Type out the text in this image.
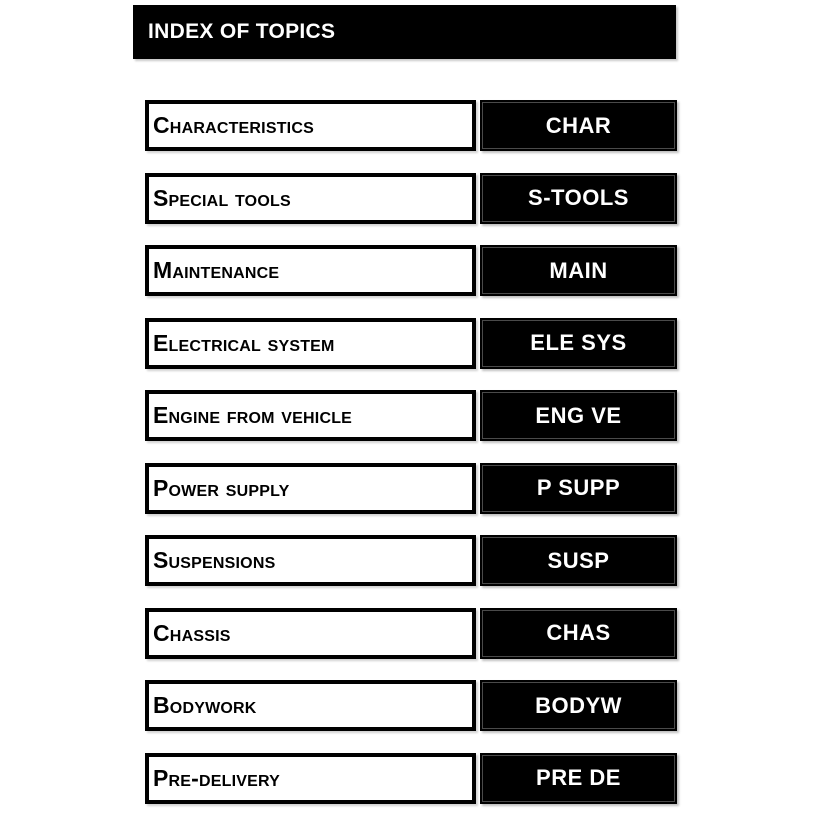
INDEX OF TOPICS
Characteristics	CHAR
Special tools	S-TOOLS
Maintenance	MAIN
Electrical system	ELE SYS
Engine from vehicle	ENG VE
Power supply	P SUPP
Suspensions	SUSP
Chassis	CHAS
Bodywork	BODYW
Pre-delivery	PRE DE
